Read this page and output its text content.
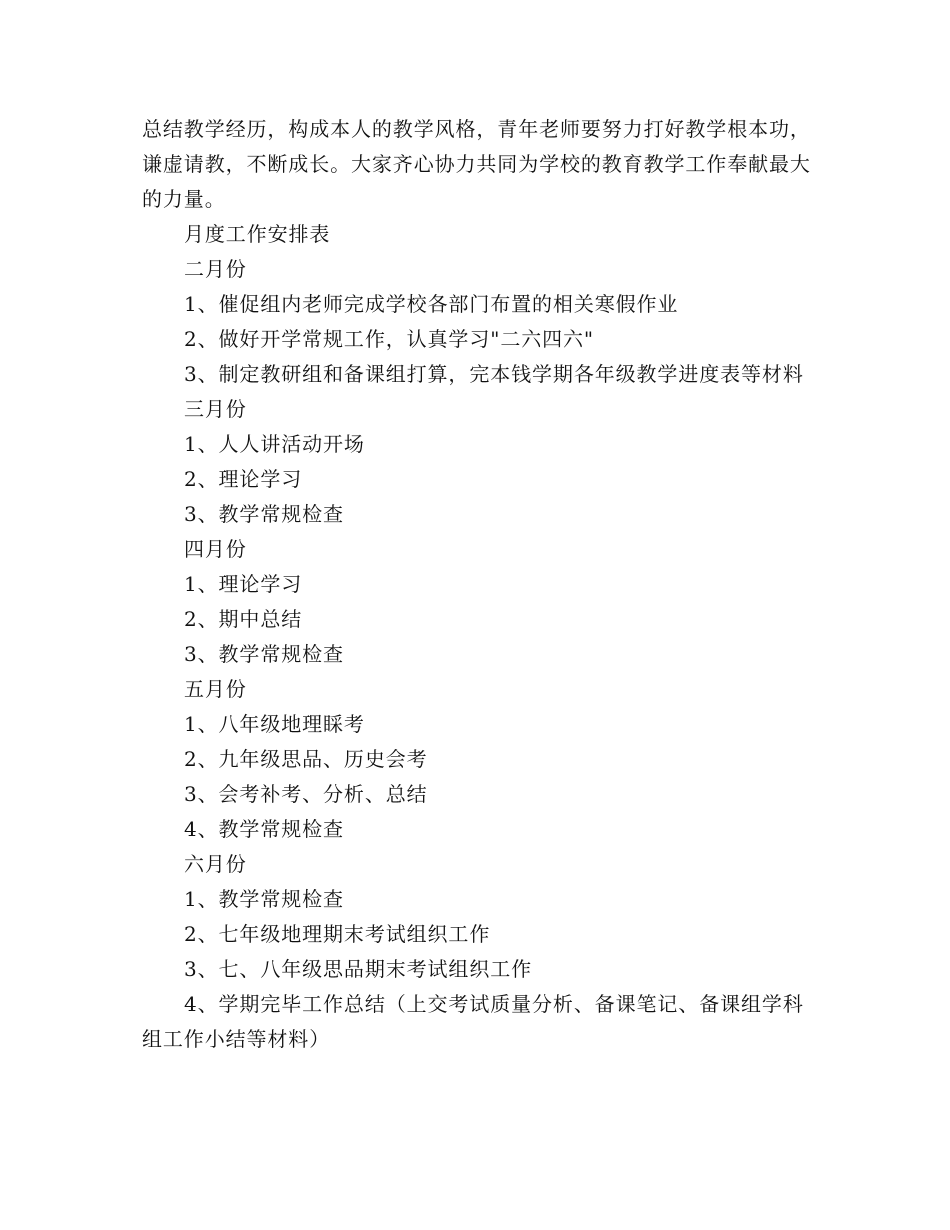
总结教学经历，构成本人的教学风格，青年老师要努力打好教学根本功，谦虚请教，不断成长。大家齐心协力共同为学校的教育教学工作奉献最大的力量。

月度工作安排表

二月份

1、催促组内老师完成学校各部门布置的相关寒假作业

2、做好开学常规工作，认真学习"二六四六"

3、制定教研组和备课组打算，完本钱学期各年级教学进度表等材料

三月份

1、人人讲活动开场

2、理论学习

3、教学常规检查

四月份

1、理论学习

2、期中总结

3、教学常规检查

五月份

1、八年级地理睬考

2、九年级思品、历史会考

3、会考补考、分析、总结

4、教学常规检查

六月份

1、教学常规检查

2、七年级地理期末考试组织工作

3、七、八年级思品期末考试组织工作

4、学期完毕工作总结（上交考试质量分析、备课笔记、备课组学科组工作小结等材料）
